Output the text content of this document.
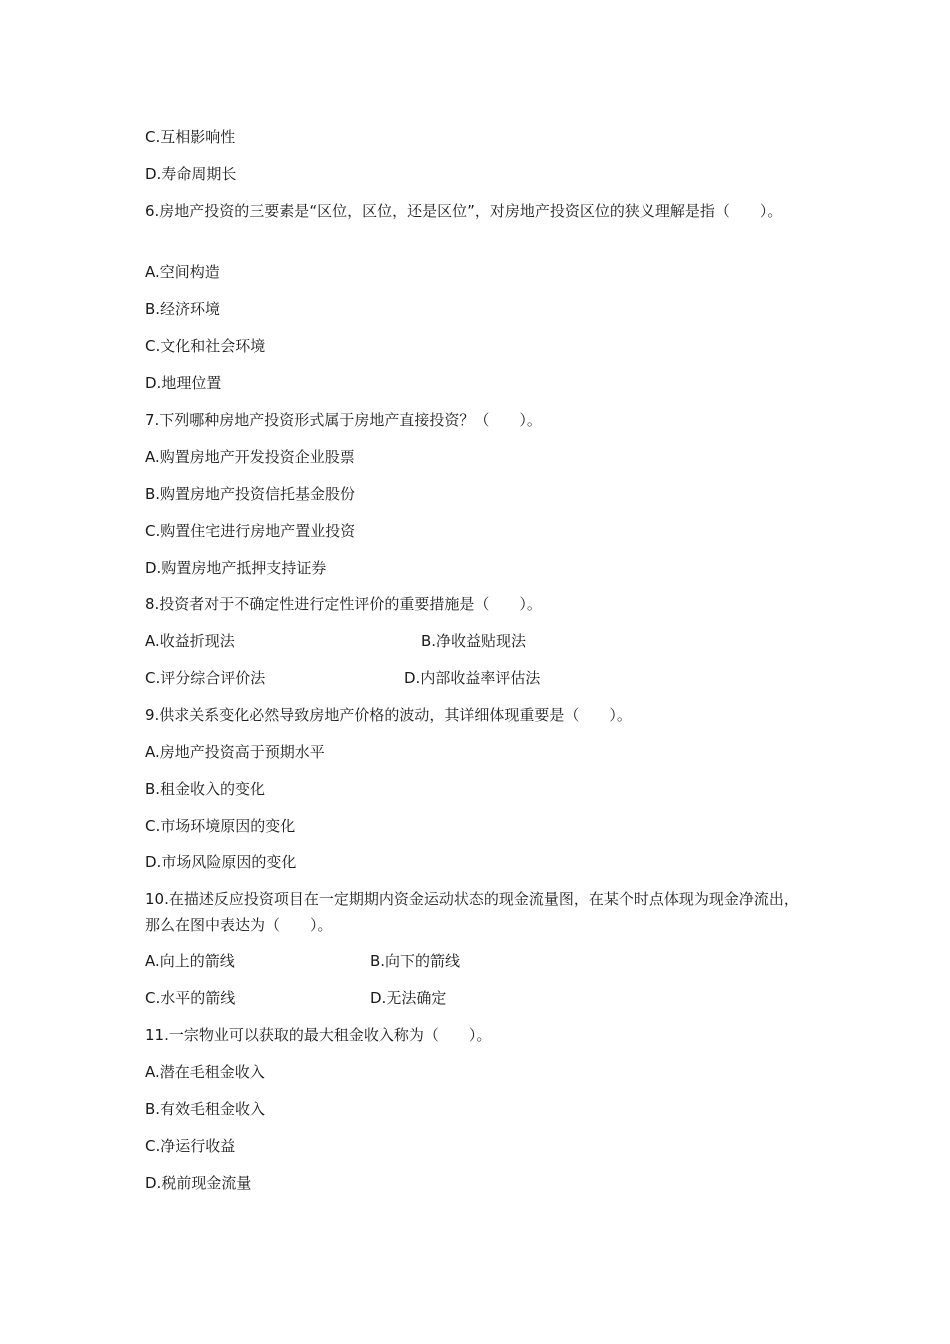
C.互相影响性
D.寿命周期长
6.房地产投资的三要素是“区位，区位，还是区位”，对房地产投资区位的狭义理解是指（　　）。
A.空间构造
B.经济环境
C.文化和社会环境
D.地理位置
7.下列哪种房地产投资形式属于房地产直接投资？（　　）。
A.购置房地产开发投资企业股票
B.购置房地产投资信托基金股份
C.购置住宅进行房地产置业投资
D.购置房地产抵押支持证券
8.投资者对于不确定性进行定性评价的重要措施是（　　）。
A.收益折现法	B.净收益贴现法
C.评分综合评价法	D.内部收益率评估法
9.供求关系变化必然导致房地产价格的波动，其详细体现重要是（　　）。
A.房地产投资高于预期水平
B.租金收入的变化
C.市场环境原因的变化
D.市场风险原因的变化
10.在描述反应投资项目在一定期期内资金运动状态的现金流量图，在某个时点体现为现金净流出，那么在图中表达为（　　）。
A.向上的箭线	B.向下的箭线
C.水平的箭线	D.无法确定
11.一宗物业可以获取的最大租金收入称为（　　）。
A.潜在毛租金收入
B.有效毛租金收入
C.净运行收益
D.税前现金流量
